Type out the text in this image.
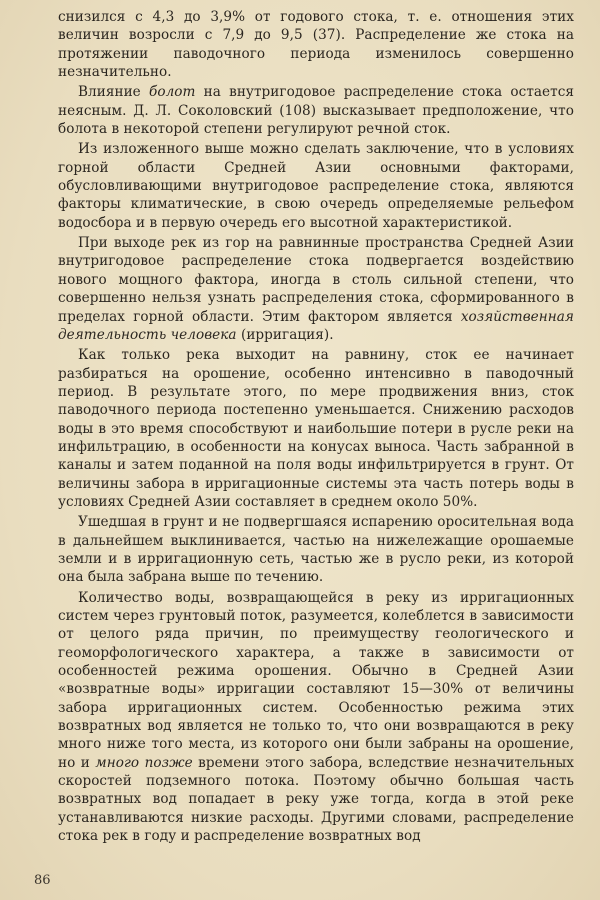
снизился с 4,3 до 3,9% от годового стока, т. е. отношения этих величин возросли с 7,9 до 9,5 (37). Распределение же стока на протяжении паводочного периода изменилось совершенно незначительно.

Влияние болот на внутригодовое распределение стока остается неясным. Д. Л. Соколовский (108) высказывает предположение, что болота в некоторой степени регулируют речной сток.

Из изложенного выше можно сделать заключение, что в условиях горной области Средней Азии основными факторами, обусловливающими внутригодовое распределение стока, являются факторы климатические, в свою очередь определяемые рельефом водосбора и в первую очередь его высотной характеристикой.

При выходе рек из гор на равнинные пространства Средней Азии внутригодовое распределение стока подвергается воздействию нового мощного фактора, иногда в столь сильной степени, что совершенно нельзя узнать распределения стока, сформированного в пределах горной области. Этим фактором является хозяйственная деятельность человека (ирригация).

Как только река выходит на равнину, сток ее начинает разбираться на орошение, особенно интенсивно в паводочный период. В результате этого, по мере продвижения вниз, сток паводочного периода постепенно уменьшается. Снижению расходов воды в это время способствуют и наибольшие потери в русле реки на инфильтрацию, в особенности на конусах выноса. Часть забранной в каналы и затем поданной на поля воды инфильтрируется в грунт. От величины забора в ирригационные системы эта часть потерь воды в условиях Средней Азии составляет в среднем около 50%.

Ушедшая в грунт и не подвергшаяся испарению оросительная вода в дальнейшем выклинивается, частью на нижележащие орошаемые земли и в ирригационную сеть, частью же в русло реки, из которой она была забрана выше по течению.

Количество воды, возвращающейся в реку из ирригационных систем через грунтовый поток, разумеется, колеблется в зависимости от целого ряда причин, по преимуществу геологического и геоморфологического характера, а также в зависимости от особенностей режима орошения. Обычно в Средней Азии «возвратные воды» ирригации составляют 15—30% от величины забора ирригационных систем. Особенностью режима этих возвратных вод является не только то, что они возвращаются в реку много ниже того места, из которого они были забраны на орошение, но и много позже времени этого забора, вследствие незначительных скоростей подземного потока. Поэтому обычно большая часть возвратных вод попадает в реку уже тогда, когда в этой реке устанавливаются низкие расходы. Другими словами, распределение стока рек в году и распределение возвратных вод

86
